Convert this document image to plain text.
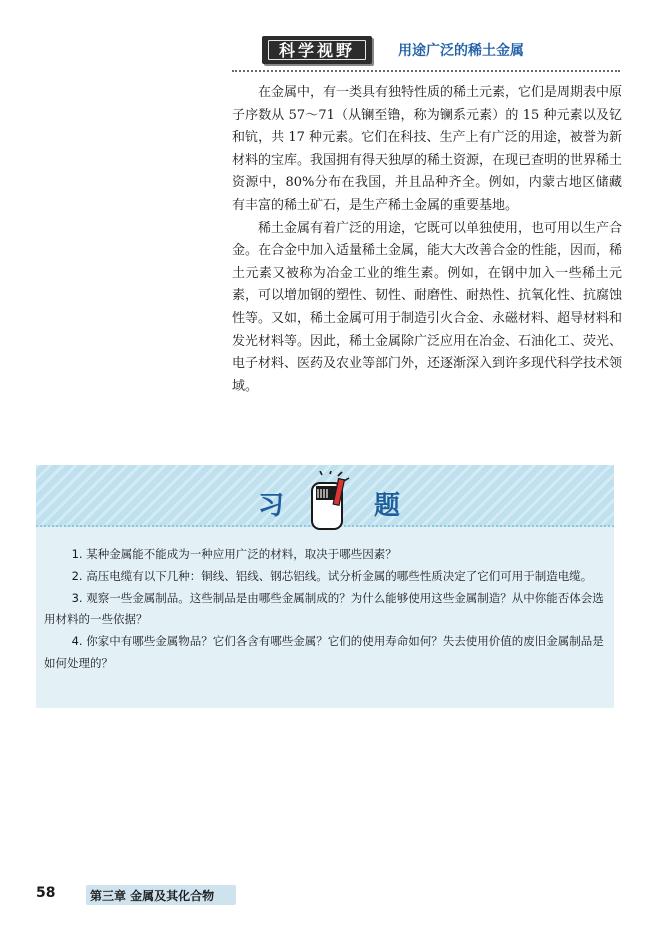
科学视野	用途广泛的稀土金属

在金属中，有一类具有独特性质的稀土元素，它们是周期表中原子序数从 57～71（从镧至镥，称为镧系元素）的 15 种元素以及钇和钪，共 17 种元素。它们在科技、生产上有广泛的用途，被誉为新材料的宝库。我国拥有得天独厚的稀土资源，在现已查明的世界稀土资源中，80%分布在我国，并且品种齐全。例如，内蒙古地区储藏有丰富的稀土矿石，是生产稀土金属的重要基地。

稀土金属有着广泛的用途，它既可以单独使用，也可用以生产合金。在合金中加入适量稀土金属，能大大改善合金的性能，因而，稀土元素又被称为冶金工业的维生素。例如，在钢中加入一些稀土元素，可以增加钢的塑性、韧性、耐磨性、耐热性、抗氧化性、抗腐蚀性等。又如，稀土金属可用于制造引火合金、永磁材料、超导材料和发光材料等。因此，稀土金属除广泛应用在冶金、石油化工、荧光、电子材料、医药及农业等部门外，还逐渐深入到许多现代科学技术领域。

习	题

1. 某种金属能不能成为一种应用广泛的材料，取决于哪些因素？

2. 高压电缆有以下几种：铜线、铝线、钢芯铝线。试分析金属的哪些性质决定了它们可用于制造电缆。

3. 观察一些金属制品。这些制品是由哪些金属制成的？为什么能够使用这些金属制造？从中你能否体会选用材料的一些依据？

4. 你家中有哪些金属物品？它们各含有哪些金属？它们的使用寿命如何？失去使用价值的废旧金属制品是如何处理的？

58	第三章 金属及其化合物
